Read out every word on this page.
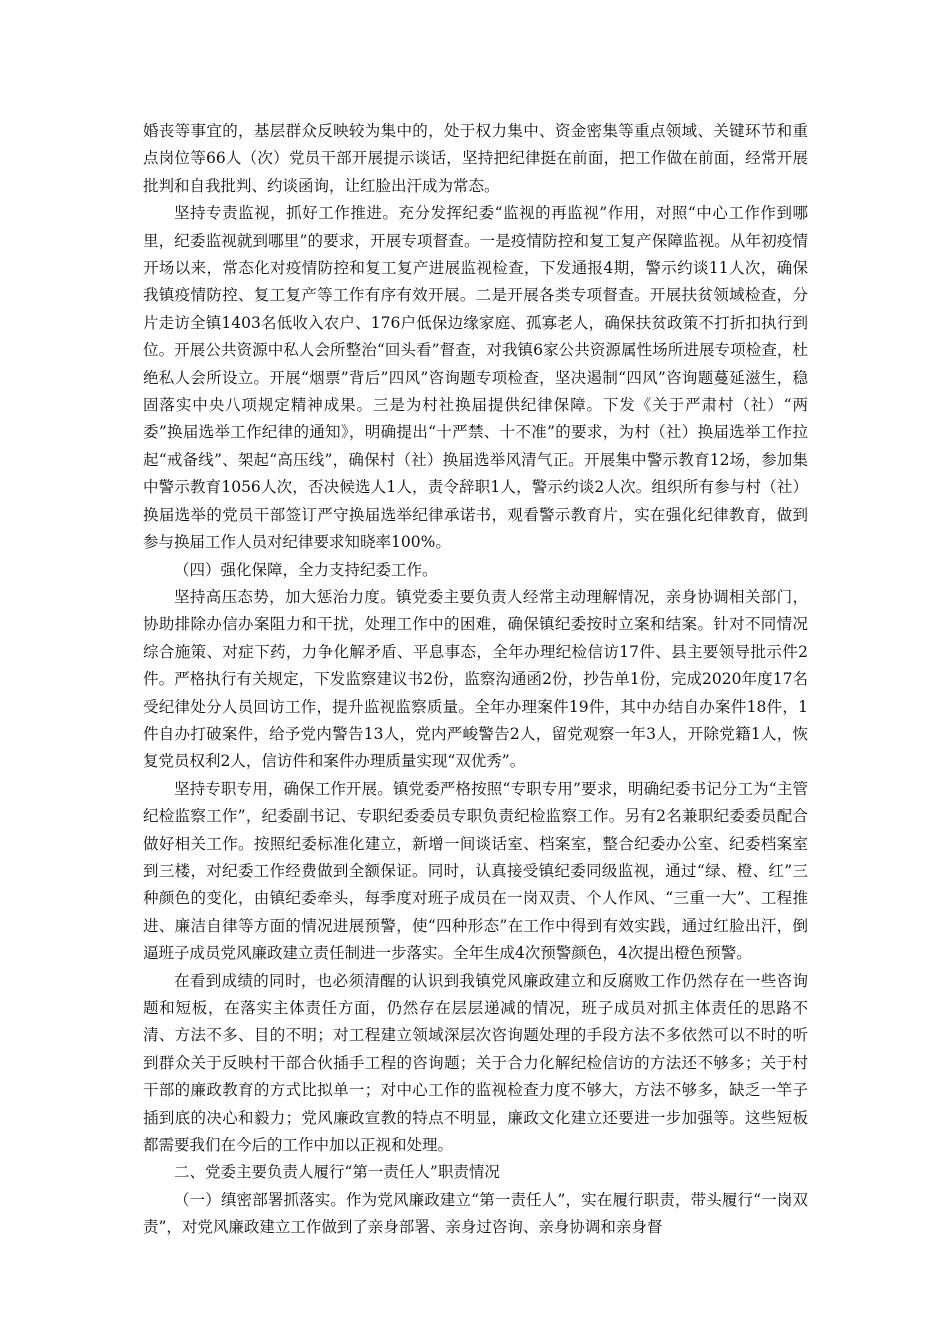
婚丧等事宜的，基层群众反映较为集中的，处于权力集中、资金密集等重点领域、关键环节和重点岗位等66人（次）党员干部开展提示谈话，坚持把纪律挺在前面，把工作做在前面，经常开展批判和自我批判、约谈函询，让红脸出汗成为常态。

坚持专责监视，抓好工作推进。充分发挥纪委“监视的再监视”作用，对照“中心工作作到哪里，纪委监视就到哪里”的要求，开展专项督查。一是疫情防控和复工复产保障监视。从年初疫情开场以来，常态化对疫情防控和复工复产进展监视检查，下发通报4期，警示约谈11人次，确保我镇疫情防控、复工复产等工作有序有效开展。二是开展各类专项督查。开展扶贫领域检查，分片走访全镇1403名低收入农户、176户低保边缘家庭、孤寡老人，确保扶贫政策不打折扣执行到位。开展公共资源中私人会所整治“回头看”督查，对我镇6家公共资源属性场所进展专项检查，杜绝私人会所设立。开展“烟票”背后”四风”咨询题专项检查，坚决遏制“四风”咨询题蔓延滋生，稳固落实中央八项规定精神成果。三是为村社换届提供纪律保障。下发《关于严肃村（社）“两委”换届选举工作纪律的通知》，明确提出“十严禁、十不准”的要求，为村（社）换届选举工作拉起“戒备线”、架起“高压线”，确保村（社）换届选举风清气正。开展集中警示教育12场，参加集中警示教育1056人次，否决候选人1人，责令辞职1人，警示约谈2人次。组织所有参与村（社）换届选举的党员干部签订严守换届选举纪律承诺书，观看警示教育片，实在强化纪律教育，做到参与换届工作人员对纪律要求知晓率100%。

（四）强化保障，全力支持纪委工作。

坚持高压态势，加大惩治力度。镇党委主要负责人经常主动理解情况，亲身协调相关部门，协助排除办信办案阻力和干扰，处理工作中的困难，确保镇纪委按时立案和结案。针对不同情况综合施策、对症下药，力争化解矛盾、平息事态，全年办理纪检信访17件、县主要领导批示件2件。严格执行有关规定，下发监察建议书2份，监察沟通函2份，抄告单1份，完成2020年度17名受纪律处分人员回访工作，提升监视监察质量。全年办理案件19件，其中办结自办案件18件，1件自办打破案件，给予党内警告13人，党内严峻警告2人，留党观察一年3人，开除党籍1人，恢复党员权利2人，信访件和案件办理质量实现“双优秀”。

坚持专职专用，确保工作开展。镇党委严格按照“专职专用”要求，明确纪委书记分工为“主管纪检监察工作”，纪委副书记、专职纪委委员专职负责纪检监察工作。另有2名兼职纪委委员配合做好相关工作。按照纪委标准化建立，新增一间谈话室、档案室，整合纪委办公室、纪委档案室到三楼，对纪委工作经费做到全额保证。同时，认真接受镇纪委同级监视，通过“绿、橙、红”三种颜色的变化，由镇纪委牵头，每季度对班子成员在一岗双责、个人作风、“三重一大”、工程推进、廉洁自律等方面的情况进展预警，使“四种形态”在工作中得到有效实践，通过红脸出汗，倒逼班子成员党风廉政建立责任制进一步落实。全年生成4次预警颜色，4次提出橙色预警。

在看到成绩的同时，也必须清醒的认识到我镇党风廉政建立和反腐败工作仍然存在一些咨询题和短板，在落实主体责任方面，仍然存在层层递减的情况，班子成员对抓主体责任的思路不清、方法不多、目的不明；对工程建立领域深层次咨询题处理的手段方法不多依然可以不时的听到群众关于反映村干部合伙插手工程的咨询题；关于合力化解纪检信访的方法还不够多；关于村干部的廉政教育的方式比拟单一；对中心工作的监视检查力度不够大，方法不够多，缺乏一竿子插到底的决心和毅力；党风廉政宣教的特点不明显，廉政文化建立还要进一步加强等。这些短板都需要我们在今后的工作中加以正视和处理。

二、党委主要负责人履行“第一责任人”职责情况

（一）缜密部署抓落实。作为党风廉政建立“第一责任人”，实在履行职责，带头履行“一岗双责”，对党风廉政建立工作做到了亲身部署、亲身过咨询、亲身协调和亲身督
